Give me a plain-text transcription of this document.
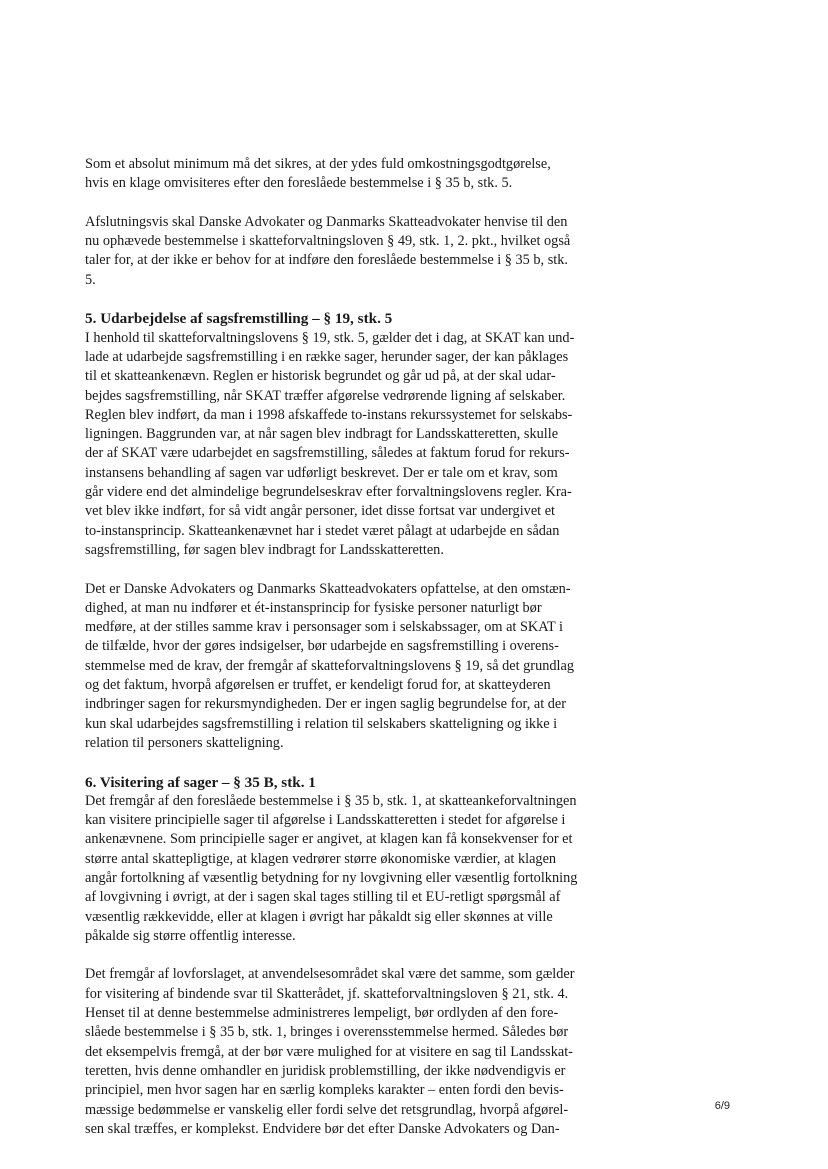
Som et absolut minimum må det sikres, at der ydes fuld omkostningsgodtgørelse,
hvis en klage omvisiteres efter den foreslåede bestemmelse i § 35 b, stk. 5.
Afslutningsvis skal Danske Advokater og Danmarks Skatteadvokater henvise til den
nu ophævede bestemmelse i skatteforvaltningsloven § 49, stk. 1, 2. pkt., hvilket også
taler for, at der ikke er behov for at indføre den foreslåede bestemmelse i § 35 b, stk.
5.
5. Udarbejdelse af sagsfremstilling – § 19, stk. 5
I henhold til skatteforvaltningslovens § 19, stk. 5, gælder det i dag, at SKAT kan und-
lade at udarbejde sagsfremstilling i en række sager, herunder sager, der kan påklages
til et skatteankenævn. Reglen er historisk begrundet og går ud på, at der skal udar-
bejdes sagsfremstilling, når SKAT træffer afgørelse vedrørende ligning af selskaber.
Reglen blev indført, da man i 1998 afskaffede to-instans rekurssystemet for selskabs-
ligningen. Baggrunden var, at når sagen blev indbragt for Landsskatteretten, skulle
der af SKAT være udarbejdet en sagsfremstilling, således at faktum forud for rekurs-
instansens behandling af sagen var udførligt beskrevet. Der er tale om et krav, som
går videre end det almindelige begrundelseskrav efter forvaltningslovens regler. Kra-
vet blev ikke indført, for så vidt angår personer, idet disse fortsat var undergivet et
to-instansprincip. Skatteankenævnet har i stedet været pålagt at udarbejde en sådan
sagsfremstilling, før sagen blev indbragt for Landsskatteretten.
Det er Danske Advokaters og Danmarks Skatteadvokaters opfattelse, at den omstæn-
dighed, at man nu indfører et ét-instansprincip for fysiske personer naturligt bør
medføre, at der stilles samme krav i personsager som i selskabssager, om at SKAT i
de tilfælde, hvor der gøres indsigelser, bør udarbejde en sagsfremstilling i overens-
stemmelse med de krav, der fremgår af skatteforvaltningslovens § 19, så det grundlag
og det faktum, hvorpå afgørelsen er truffet, er kendeligt forud for, at skatteyderen
indbringer sagen for rekursmyndigheden. Der er ingen saglig begrundelse for, at der
kun skal udarbejdes sagsfremstilling i relation til selskabers skatteligning og ikke i
relation til personers skatteligning.
6. Visitering af sager – § 35 B, stk. 1
Det fremgår af den foreslåede bestemmelse i § 35 b, stk. 1, at skatteankeforvaltningen
kan visitere principielle sager til afgørelse i Landsskatteretten i stedet for afgørelse i
ankenævnene. Som principielle sager er angivet, at klagen kan få konsekvenser for et
større antal skattepligtige, at klagen vedrører større økonomiske værdier, at klagen
angår fortolkning af væsentlig betydning for ny lovgivning eller væsentlig fortolkning
af lovgivning i øvrigt, at der i sagen skal tages stilling til et EU-retligt spørgsmål af
væsentlig rækkevidde, eller at klagen i øvrigt har påkaldt sig eller skønnes at ville
påkalde sig større offentlig interesse.
Det fremgår af lovforslaget, at anvendelsesområdet skal være det samme, som gælder
for visitering af bindende svar til Skatterådet, jf. skatteforvaltningsloven § 21, stk. 4.
Henset til at denne bestemmelse administreres lempeligt, bør ordlyden af den fore-
slåede bestemmelse i § 35 b, stk. 1, bringes i overensstemmelse hermed. Således bør
det eksempelvis fremgå, at der bør være mulighed for at visitere en sag til Landsskat-
teretten, hvis denne omhandler en juridisk problemstilling, der ikke nødvendigvis er
principiel, men hvor sagen har en særlig kompleks karakter – enten fordi den bevis-
mæssige bedømmelse er vanskelig eller fordi selve det retsgrundlag, hvorpå afgørel-
sen skal træffes, er komplekst. Endvidere bør det efter Danske Advokaters og Dan-
6/9
